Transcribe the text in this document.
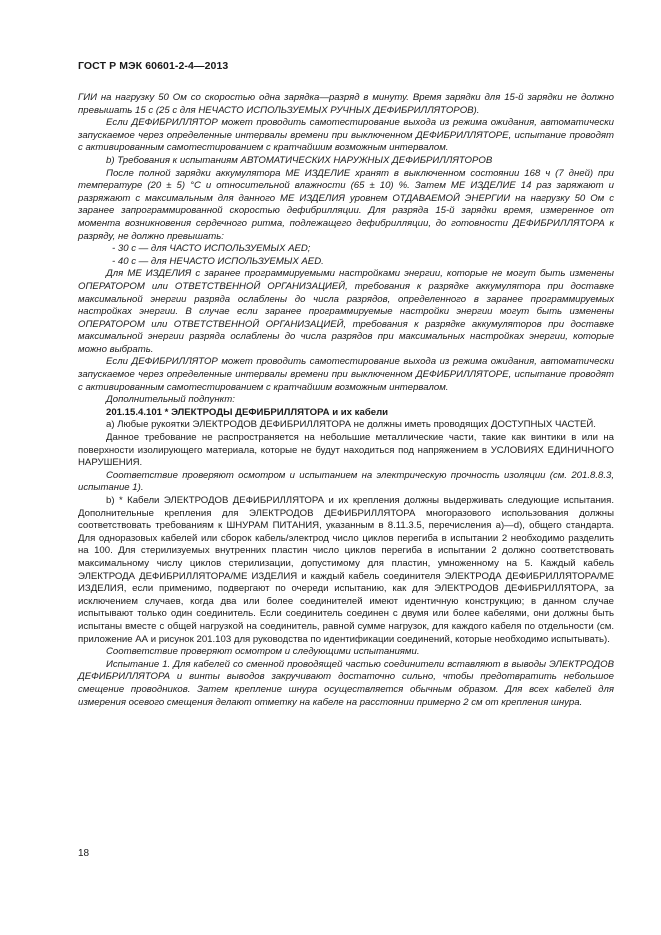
ГОСТ Р МЭК 60601-2-4—2013

ГИИ на нагрузку 50 Ом со скоростью одна зарядка—разряд в минуту. Время зарядки для 15-й зарядки не должно превышать 15 с (25 с для НЕЧАСТО ИСПОЛЬЗУЕМЫХ РУЧНЫХ ДЕФИБРИЛЛЯТОРОВ).

Если ДЕФИБРИЛЛЯТОР может проводить самотестирование выхода из режима ожидания, автоматически запускаемое через определенные интервалы времени при выключенном ДЕФИБРИЛЛЯТОРЕ, испытание проводят с активированным самотестированием с кратчайшим возможным интервалом.

b) Требования к испытаниям АВТОМАТИЧЕСКИХ НАРУЖНЫХ ДЕФИБРИЛЛЯТОРОВ

После полной зарядки аккумулятора МЕ ИЗДЕЛИЕ хранят в выключенном состоянии 168 ч (7 дней) при температуре (20 ± 5) °С и относительной влажности (65 ± 10) %. Затем МЕ ИЗДЕЛИЕ 14 раз заряжают и разряжают с максимальным для данного МЕ ИЗДЕЛИЯ уровнем ОТДАВАЕМОЙ ЭНЕРГИИ на нагрузку 50 Ом с заранее запрограммированной скоростью дефибрилляции. Для разряда 15-й зарядки время, измеренное от момента возникновения сердечного ритма, подлежащего дефибрилляции, до готовности ДЕФИБРИЛЛЯТОРА к разряду, не должно превышать:

- 30 с — для ЧАСТО ИСПОЛЬЗУЕМЫХ AED;

- 40 с — для НЕЧАСТО ИСПОЛЬЗУЕМЫХ AED.

Для МЕ ИЗДЕЛИЯ с заранее программируемыми настройками энергии, которые не могут быть изменены ОПЕРАТОРОМ или ОТВЕТСТВЕННОЙ ОРГАНИЗАЦИЕЙ, требования к разрядке аккумулятора при доставке максимальной энергии разряда ослаблены до числа разрядов, определенного в заранее программируемых настройках энергии. В случае если заранее программируемые настройки энергии могут быть изменены ОПЕРАТОРОМ или ОТВЕТСТВЕННОЙ ОРГАНИЗАЦИЕЙ, требования к разрядке аккумуляторов при доставке максимальной энергии разряда ослаблены до числа разрядов при максимальных настройках энергии, которые можно выбрать.

Если ДЕФИБРИЛЛЯТОР может проводить самотестирование выхода из режима ожидания, автоматически запускаемое через определенные интервалы времени при выключенном ДЕФИБРИЛЛЯТОРЕ, испытание проводят с активированным самотестированием с кратчайшим возможным интервалом.

Дополнительный подпункт:

201.15.4.101 * ЭЛЕКТРОДЫ ДЕФИБРИЛЛЯТОРА и их кабели

а) Любые рукоятки ЭЛЕКТРОДОВ ДЕФИБРИЛЛЯТОРА не должны иметь проводящих ДОСТУПНЫХ ЧАСТЕЙ.

Данное требование не распространяется на небольшие металлические части, такие как винтики в или на поверхности изолирующего материала, которые не будут находиться под напряжением в УСЛОВИЯХ ЕДИНИЧНОГО НАРУШЕНИЯ.

Соответствие проверяют осмотром и испытанием на электрическую прочность изоляции (см. 201.8.8.3, испытание 1).

b) * Кабели ЭЛЕКТРОДОВ ДЕФИБРИЛЛЯТОРА и их крепления должны выдерживать следующие испытания. Дополнительные крепления для ЭЛЕКТРОДОВ ДЕФИБРИЛЛЯТОРА многоразового использования должны соответствовать требованиям к ШНУРАМ ПИТАНИЯ, указанным в 8.11.3.5, перечисления а)—d), общего стандарта. Для одноразовых кабелей или сборок кабель/электрод число циклов перегиба в испытании 2 необходимо разделить на 100. Для стерилизуемых внутренних пластин число циклов перегиба в испытании 2 должно соответствовать максимальному числу циклов стерилизации, допустимому для пластин, умноженному на 5. Каждый кабель ЭЛЕКТРОДА ДЕФИБРИЛЛЯТОРА/МЕ ИЗДЕЛИЯ и каждый кабель соединителя ЭЛЕКТРОДА ДЕФИБРИЛЛЯТОРА/МЕ ИЗДЕЛИЯ, если применимо, подвергают по очереди испытанию, как для ЭЛЕКТРОДОВ ДЕФИБРИЛЛЯТОРА, за исключением случаев, когда два или более соединителей имеют идентичную конструкцию; в данном случае испытывают только один соединитель. Если соединитель соединен с двумя или более кабелями, они должны быть испытаны вместе с общей нагрузкой на соединитель, равной сумме нагрузок, для каждого кабеля по отдельности (см. приложение АА и рисунок 201.103 для руководства по идентификации соединений, которые необходимо испытывать).

Соответствие проверяют осмотром и следующими испытаниями.

Испытание 1. Для кабелей со сменной проводящей частью соединители вставляют в выводы ЭЛЕКТРОДОВ ДЕФИБРИЛЛЯТОРА и винты выводов закручивают достаточно сильно, чтобы предотвратить небольшое смещение проводников. Затем крепление шнура осуществляется обычным образом. Для всех кабелей для измерения осевого смещения делают отметку на кабеле на расстоянии примерно 2 см от крепления шнура.

18
